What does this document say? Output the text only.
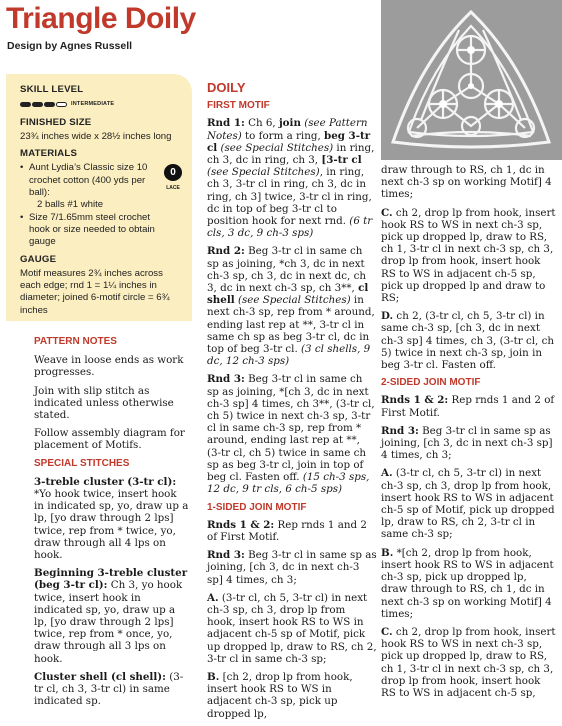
Triangle Doily
Design by Agnes Russell
SKILL LEVEL
INTERMEDIATE
FINISHED SIZE

23¾ inches wide x 28½ inches long

MATERIALS
• Aunt Lydia’s Classic size 10 crochet cotton (400 yds per ball):
2 balls #1 white
• Size 7/1.65mm steel crochet hook or size needed to obtain gauge
0
LACE
GAUGE

Motif measures 2¾ inches across each edge; rnd 1 = 1¼ inches in diameter; joined 6-motif circle = 6¾ inches

PATTERN NOTES

Weave in loose ends as work progresses.

Join with slip stitch as indicated unless otherwise stated.

Follow assembly diagram for placement of Motifs.

SPECIAL STITCHES

3-treble cluster (3-tr cl): *Yo hook twice, insert hook in indicated sp, yo, draw up a lp, [yo draw through 2 lps] twice, rep from * twice, yo, draw through all 4 lps on hook.

Beginning 3-treble cluster (beg 3-tr cl): Ch 3, yo hook twice, insert hook in indicated sp, yo, draw up a lp, [yo draw through 2 lps] twice, rep from * once, yo, draw through all 3 lps on hook.

Cluster shell (cl shell): (3-tr cl, ch 3, 3-tr cl) in same indicated sp.

DOILY
FIRST MOTIF

Rnd 1: Ch 6, join (see Pattern Notes) to form a ring, beg 3-tr cl (see Special Stitches) in ring, ch 3, dc in ring, ch 3, [3-tr cl (see Special Stitches), in ring, ch 3, 3-tr cl in ring, ch 3, dc in ring, ch 3] twice, 3-tr cl in ring, dc in top of beg 3-tr cl to position hook for next rnd. (6 tr cls, 3 dc, 9 ch-3 sps)

Rnd 2: Beg 3-tr cl in same ch sp as joining, *ch 3, dc in next ch-3 sp, ch 3, dc in next dc, ch 3, dc in next ch-3 sp, ch 3**, cl shell (see Special Stitches) in next ch-3 sp, rep from * around, ending last rep at **, 3-tr cl in same ch sp as beg 3-tr cl, dc in top of beg 3-tr cl. (3 cl shells, 9 dc, 12 ch-3 sps)

Rnd 3: Beg 3-tr cl in same ch sp as joining, *[ch 3, dc in next ch-3 sp] 4 times, ch 3**, (3-tr cl, ch 5) twice in next ch-3 sp, 3-tr cl in same ch-3 sp, rep from * around, ending last rep at **, (3-tr cl, ch 5) twice in same ch sp as beg 3-tr cl, join in top of beg cl. Fasten off. (15 ch-3 sps, 12 dc, 9 tr cls, 6 ch-5 sps)

1-SIDED JOIN MOTIF

Rnds 1 & 2: Rep rnds 1 and 2 of First Motif.

Rnd 3: Beg 3-tr cl in same sp as joining, [ch 3, dc in next ch-3 sp] 4 times, ch 3;

A. (3-tr cl, ch 5, 3-tr cl) in next ch-3 sp, ch 3, drop lp from hook, insert hook RS to WS in adjacent ch-5 sp of Motif, pick up dropped lp, draw to RS, ch 2, 3-tr cl in same ch-3 sp;

B. [ch 2, drop lp from hook, insert hook RS to WS in adjacent ch-3 sp, pick up dropped lp,

draw through to RS, ch 1, dc in next ch-3 sp on working Motif] 4 times;

C. ch 2, drop lp from hook, insert hook RS to WS in next ch-3 sp, pick up dropped lp, draw to RS, ch 1, 3-tr cl in next ch-3 sp, ch 3, drop lp from hook, insert hook RS to WS in adjacent ch-5 sp, pick up dropped lp and draw to RS;

D. ch 2, (3-tr cl, ch 5, 3-tr cl) in same ch-3 sp, [ch 3, dc in next ch-3 sp] 4 times, ch 3, (3-tr cl, ch 5) twice in next ch-3 sp, join in beg 3-tr cl. Fasten off.

2-SIDED JOIN MOTIF

Rnds 1 & 2: Rep rnds 1 and 2 of First Motif.

Rnd 3: Beg 3-tr cl in same sp as joining, [ch 3, dc in next ch-3 sp] 4 times, ch 3;

A. (3-tr cl, ch 5, 3-tr cl) in next ch-3 sp, ch 3, drop lp from hook, insert hook RS to WS in adjacent ch-5 sp of Motif, pick up dropped lp, draw to RS, ch 2, 3-tr cl in same ch-3 sp;

B. *[ch 2, drop lp from hook, insert hook RS to WS in adjacent ch-3 sp, pick up dropped lp, draw through to RS, ch 1, dc in next ch-3 sp on working Motif] 4 times;

C. ch 2, drop lp from hook, insert hook RS to WS in next ch-3 sp, pick up dropped lp, draw to RS, ch 1, 3-tr cl in next ch-3 sp, ch 3, drop lp from hook, insert hook RS to WS in adjacent ch-5 sp,
